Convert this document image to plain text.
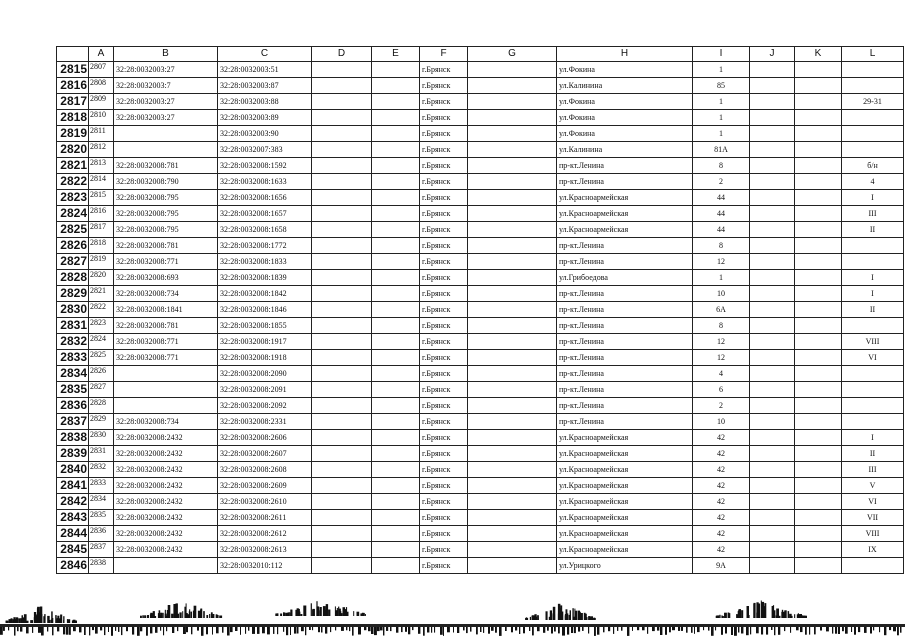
	A	B	C	D	E	F	G	H	I	J	K	L
2815	2807	32:28:0032003:27	32:28:0032003:51			г.Брянск		ул.Фокина	1			
2816	2808	32:28:0032003:7	32:28:0032003:87			г.Брянск		ул.Калинина	85			
2817	2809	32:28:0032003:27	32:28:0032003:88			г.Брянск		ул.Фокина	1			29-31
2818	2810	32:28:0032003:27	32:28:0032003:89			г.Брянск		ул.Фокина	1			
2819	2811		32:28:0032003:90			г.Брянск		ул.Фокина	1			
2820	2812		32:28:0032007:383			г.Брянск		ул.Калинина	81А			
2821	2813	32:28:0032008:781	32:28:0032008:1592			г.Брянск		пр-кт.Ленина	8			б/н
2822	2814	32:28:0032008:790	32:28:0032008:1633			г.Брянск		пр-кт.Ленина	2			4
2823	2815	32:28:0032008:795	32:28:0032008:1656			г.Брянск		ул.Красноармейская	44			I
2824	2816	32:28:0032008:795	32:28:0032008:1657			г.Брянск		ул.Красноармейская	44			III
2825	2817	32:28:0032008:795	32:28:0032008:1658			г.Брянск		ул.Красноармейская	44			II
2826	2818	32:28:0032008:781	32:28:0032008:1772			г.Брянск		пр-кт.Ленина	8			
2827	2819	32:28:0032008:771	32:28:0032008:1833			г.Брянск		пр-кт.Ленина	12			
2828	2820	32:28:0032008:693	32:28:0032008:1839			г.Брянск		ул.Грибоедова	1			I
2829	2821	32:28:0032008:734	32:28:0032008:1842			г.Брянск		пр-кт.Ленина	10			I
2830	2822	32:28:0032008:1841	32:28:0032008:1846			г.Брянск		пр-кт.Ленина	6А			II
2831	2823	32:28:0032008:781	32:28:0032008:1855			г.Брянск		пр-кт.Ленина	8			
2832	2824	32:28:0032008:771	32:28:0032008:1917			г.Брянск		пр-кт.Ленина	12			VIII
2833	2825	32:28:0032008:771	32:28:0032008:1918			г.Брянск		пр-кт.Ленина	12			VI
2834	2826		32:28:0032008:2090			г.Брянск		пр-кт.Ленина	4			
2835	2827		32:28:0032008:2091			г.Брянск		пр-кт.Ленина	6			
2836	2828		32:28:0032008:2092			г.Брянск		пр-кт.Ленина	2			
2837	2829	32:28:0032008:734	32:28:0032008:2331			г.Брянск		пр-кт.Ленина	10			
2838	2830	32:28:0032008:2432	32:28:0032008:2606			г.Брянск		ул.Красноармейская	42			I
2839	2831	32:28:0032008:2432	32:28:0032008:2607			г.Брянск		ул.Красноармейская	42			II
2840	2832	32:28:0032008:2432	32:28:0032008:2608			г.Брянск		ул.Красноармейская	42			III
2841	2833	32:28:0032008:2432	32:28:0032008:2609			г.Брянск		ул.Красноармейская	42			V
2842	2834	32:28:0032008:2432	32:28:0032008:2610			г.Брянск		ул.Красноармейская	42			VI
2843	2835	32:28:0032008:2432	32:28:0032008:2611			г.Брянск		ул.Красноармейская	42			VII
2844	2836	32:28:0032008:2432	32:28:0032008:2612			г.Брянск		ул.Красноармейская	42			VIII
2845	2837	32:28:0032008:2432	32:28:0032008:2613			г.Брянск		ул.Красноармейская	42			IX
2846	2838		32:28:0032010:112			г.Брянск		ул.Урицкого	9А			
